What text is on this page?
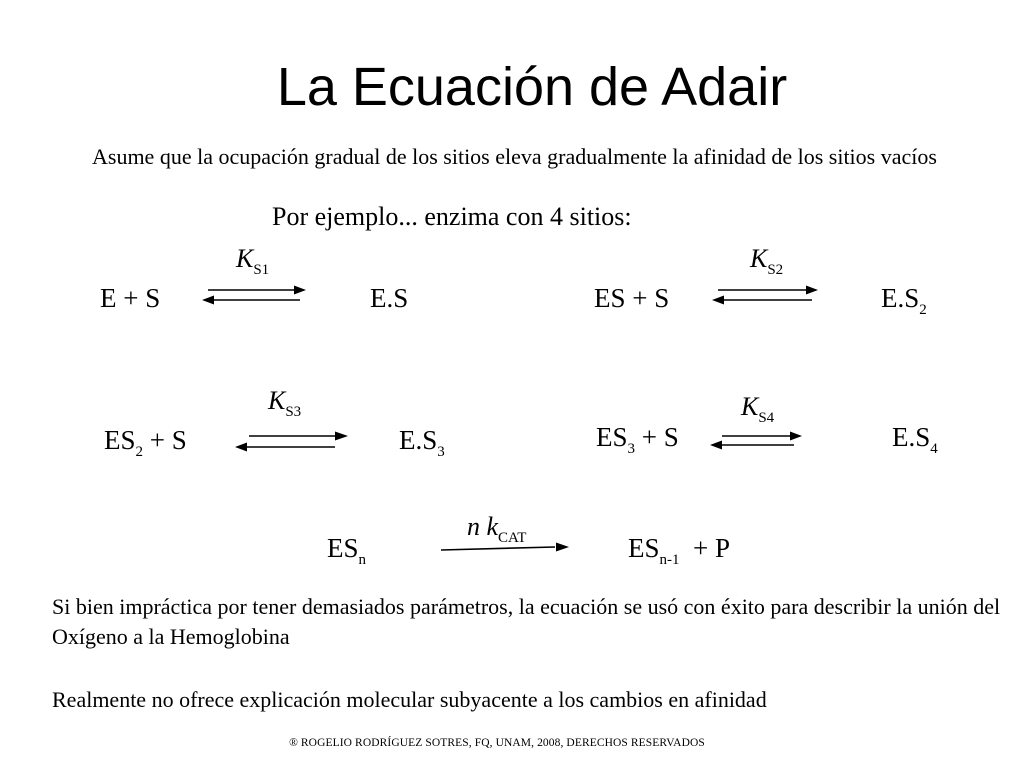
La Ecuación de Adair
Asume que la ocupación gradual de los sitios eleva gradualmente la afinidad de los sitios vacíos
Por ejemplo... enzima con 4 sitios:
E + S
$K_{S1}$
E.S	ES + S
$K_{S2}$
$E.S_2$
$ES_2 + S$
$K_{S3}$
$E.S_3$	$ES_3 + S$
$K_{S4}$
$E.S_4$
$ES_n$
n $k_{CAT}$	$ES_{n-1} + P$
Si bien impráctica por tener demasiados parámetros, la ecuación se usó con éxito para describir la unión del Oxígeno a la Hemoglobina
Realmente no ofrece explicación molecular subyacente a los cambios en afinidad
® ROGELIO RODRÍGUEZ SOTRES, FQ, UNAM, 2008, DERECHOS RESERVADOS
